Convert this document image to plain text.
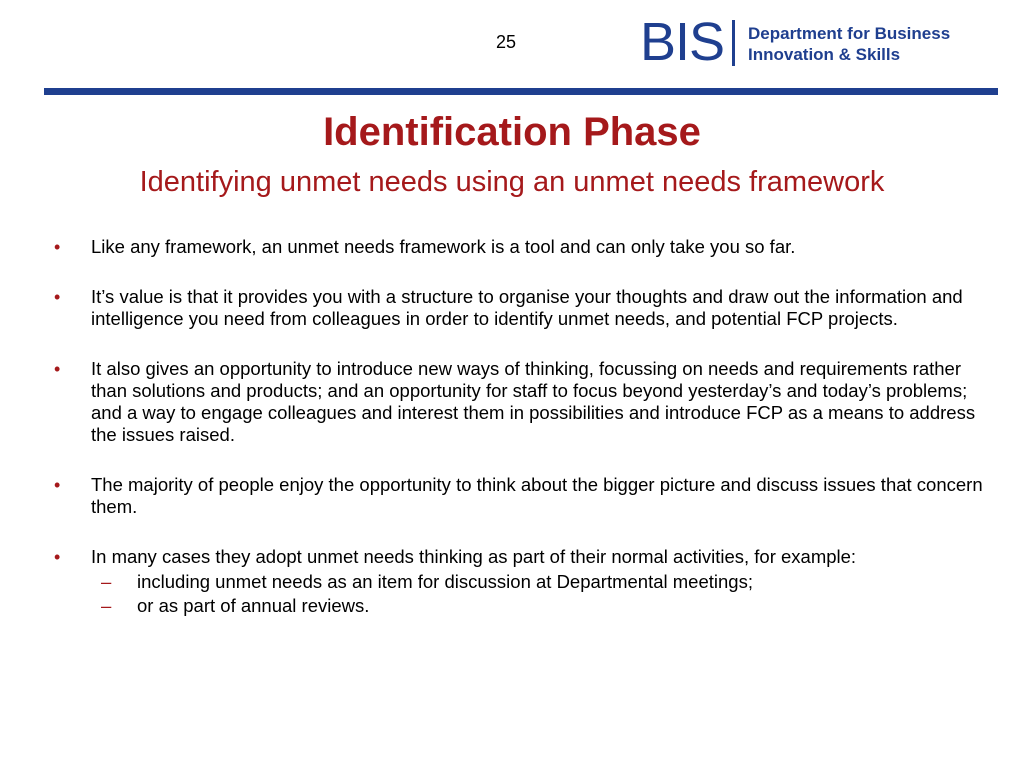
25 BIS Department for Business
Innovation & Skills
Identification Phase
Identifying unmet needs using an unmet needs framework
• Like any framework, an unmet needs framework is a tool and can only take you so far.
• It’s value is that it provides you with a structure to organise your thoughts and draw out the information and intelligence you need from colleagues in order to identify unmet needs, and potential FCP projects.
• It also gives an opportunity to introduce new ways of thinking, focussing on needs and requirements rather than solutions and products; and an opportunity for staff to focus beyond yesterday’s and today’s problems; and a way to engage colleagues and interest them in possibilities and introduce FCP as a means to address the issues raised.
• The majority of people enjoy the opportunity to think about the bigger picture and discuss issues that concern them.
• In many cases they adopt unmet needs thinking as part of their normal activities, for example:
– including unmet needs as an item for discussion at Departmental meetings;
– or as part of annual reviews.
